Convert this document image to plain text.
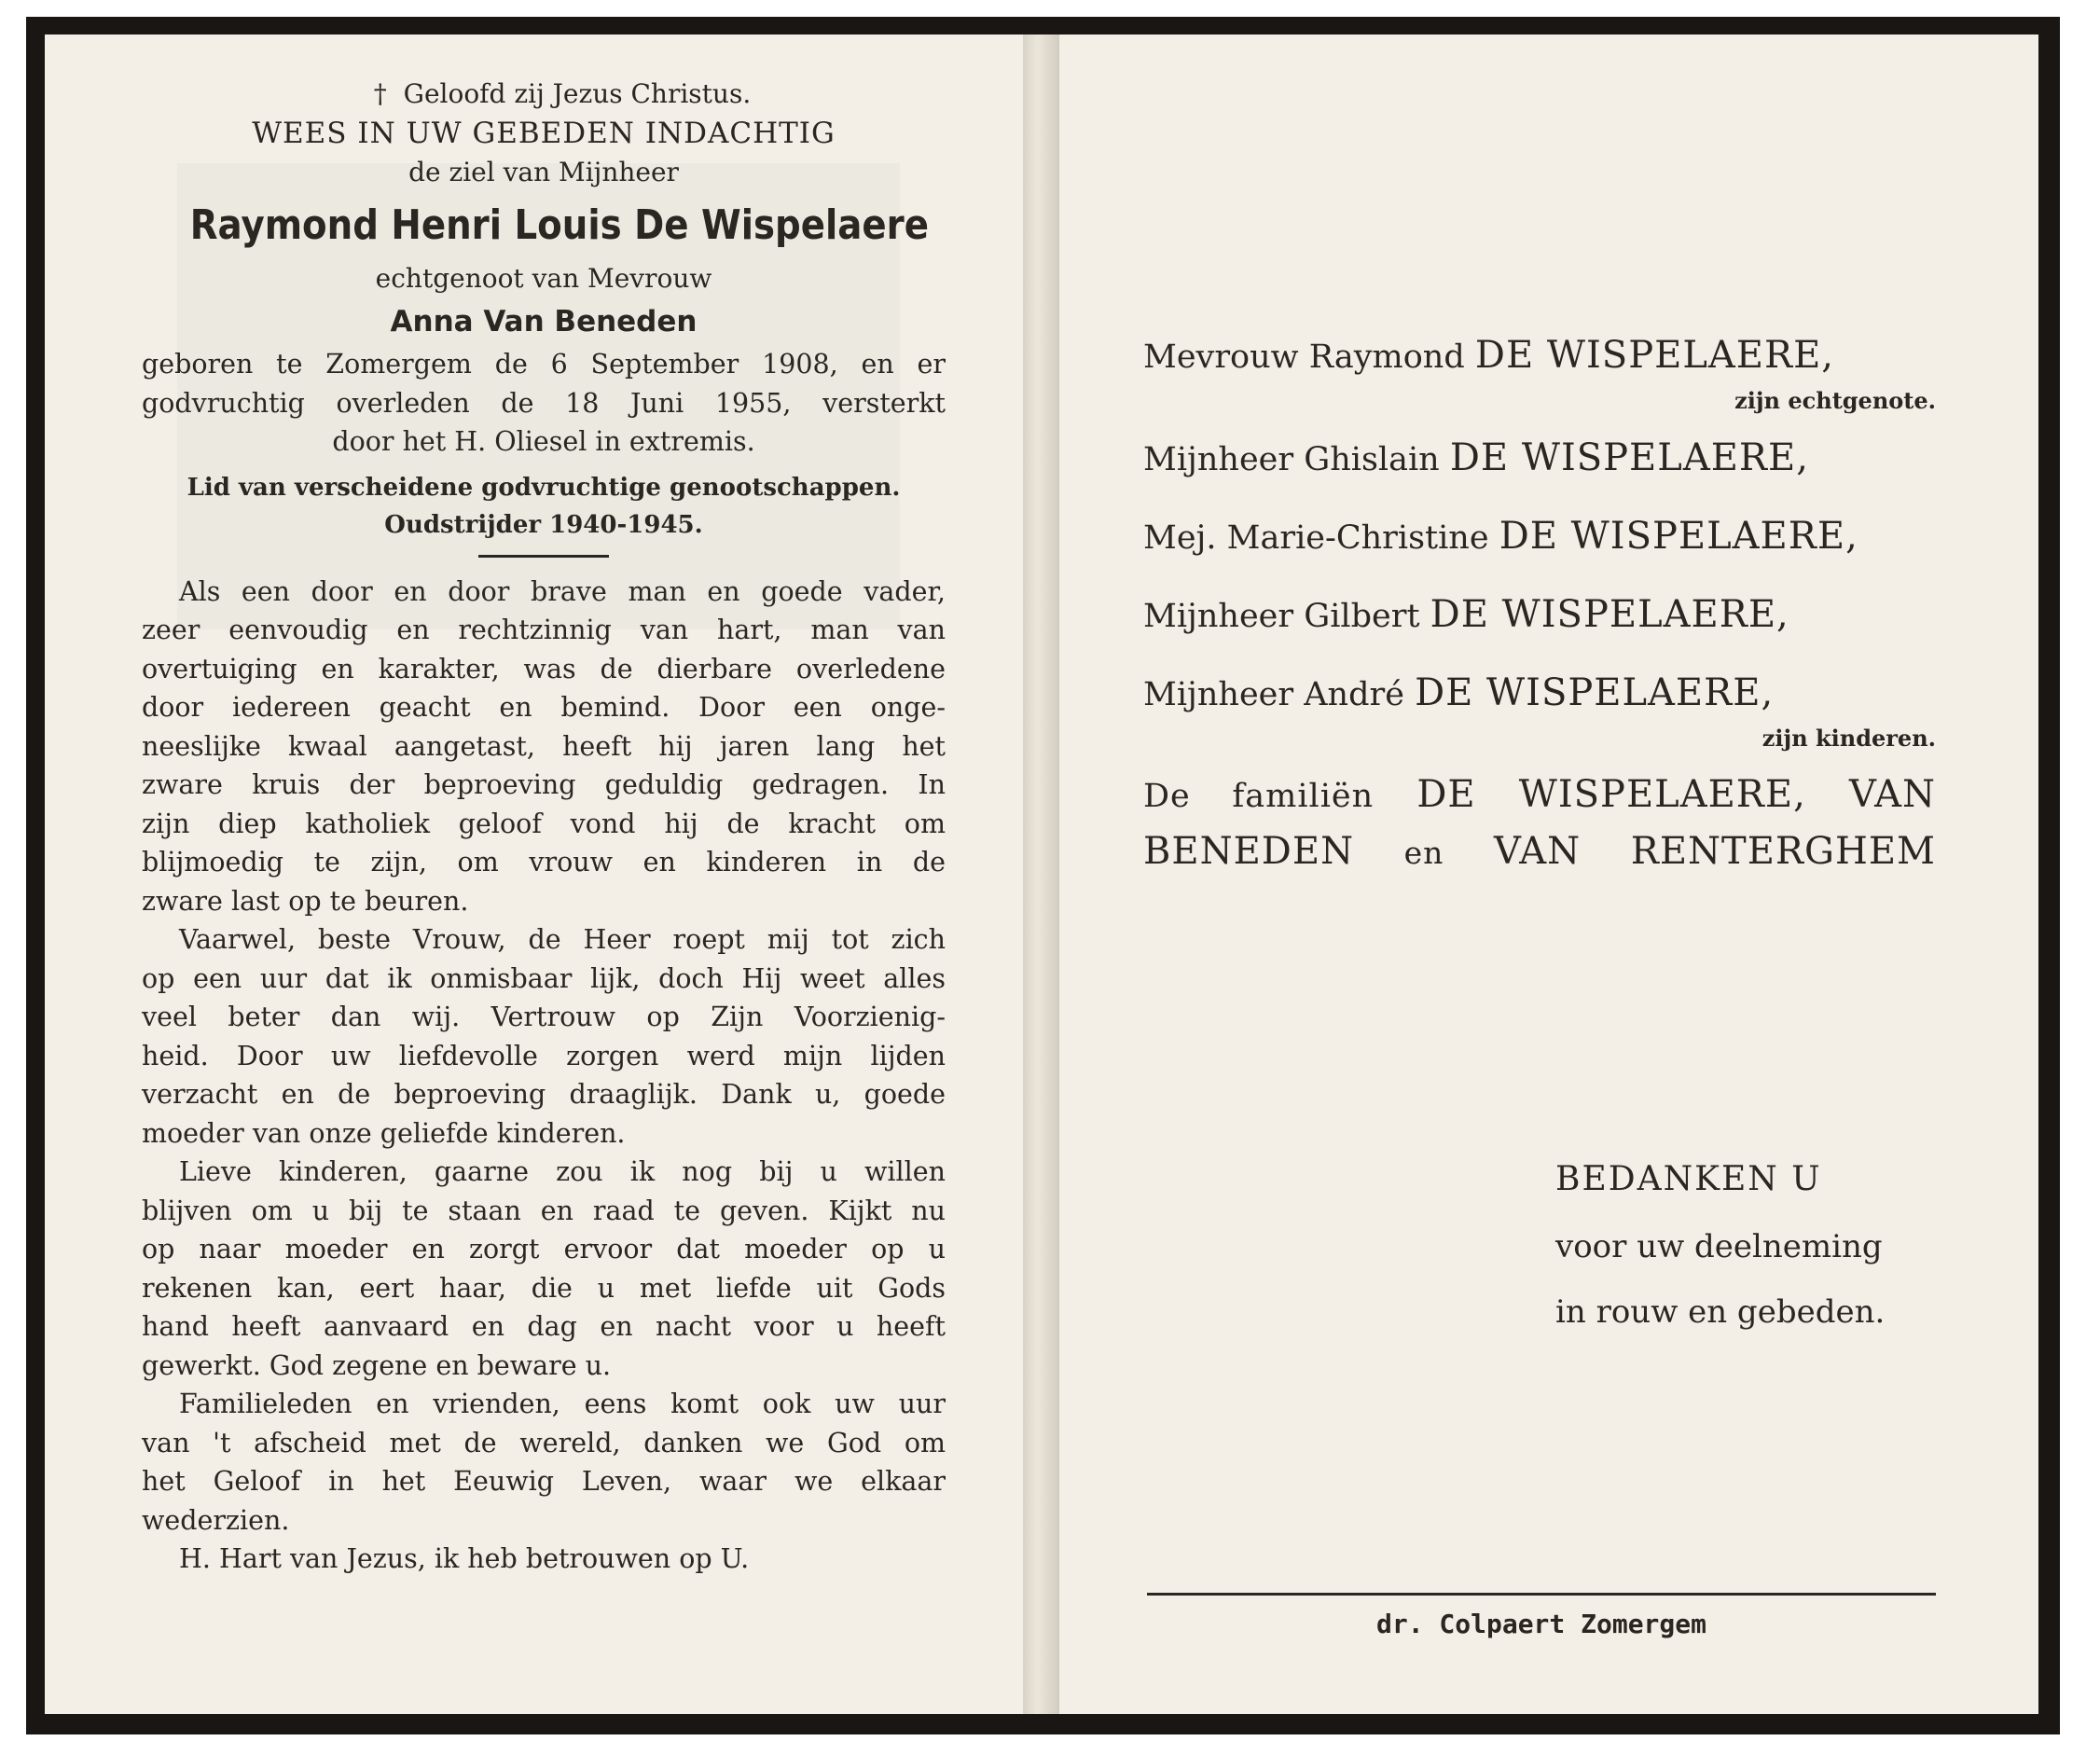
† Geloofd zij Jezus Christus.

WEES IN UW GEBEDEN INDACHTIG

de ziel van Mijnheer

Raymond Henri Louis De Wispelaere

echtgenoot van Mevrouw

Anna Van Beneden

geboren te Zomergem de 6 September 1908, en er

godvruchtig overleden de 18 Juni 1955, versterkt

door het H. Oliesel in extremis.

Lid van verscheidene godvruchtige genootschappen.

Oudstrijder 1940-1945.

Als een door en door brave man en goede vader,

zeer eenvoudig en rechtzinnig van hart, man van

overtuiging en karakter, was de dierbare overledene

door iedereen geacht en bemind. Door een onge-

neeslijke kwaal aangetast, heeft hij jaren lang het

zware kruis der beproeving geduldig gedragen. In

zijn diep katholiek geloof vond hij de kracht om

blijmoedig te zijn, om vrouw en kinderen in de

zware last op te beuren.

Vaarwel, beste Vrouw, de Heer roept mij tot zich

op een uur dat ik onmisbaar lijk, doch Hij weet alles

veel beter dan wij. Vertrouw op Zijn Voorzienig-

heid. Door uw liefdevolle zorgen werd mijn lijden

verzacht en de beproeving draaglijk. Dank u, goede

moeder van onze geliefde kinderen.

Lieve kinderen, gaarne zou ik nog bij u willen

blijven om u bij te staan en raad te geven. Kijkt nu

op naar moeder en zorgt ervoor dat moeder op u

rekenen kan, eert haar, die u met liefde uit Gods

hand heeft aanvaard en dag en nacht voor u heeft

gewerkt. God zegene en beware u.

Familieleden en vrienden, eens komt ook uw uur

van 't afscheid met de wereld, danken we God om

het Geloof in het Eeuwig Leven, waar we elkaar

wederzien.

H. Hart van Jezus, ik heb betrouwen op U.

Mevrouw Raymond DE WISPELAERE,

zijn echtgenote.

Mijnheer Ghislain DE WISPELAERE,

Mej. Marie-Christine DE WISPELAERE,

Mijnheer Gilbert DE WISPELAERE,

Mijnheer André DE WISPELAERE,

zijn kinderen.

De familiën DE WISPELAERE, VAN

BENEDEN en VAN RENTERGHEM

BEDANKEN U

voor uw deelneming

in rouw en gebeden.

dr. Colpaert Zomergem
